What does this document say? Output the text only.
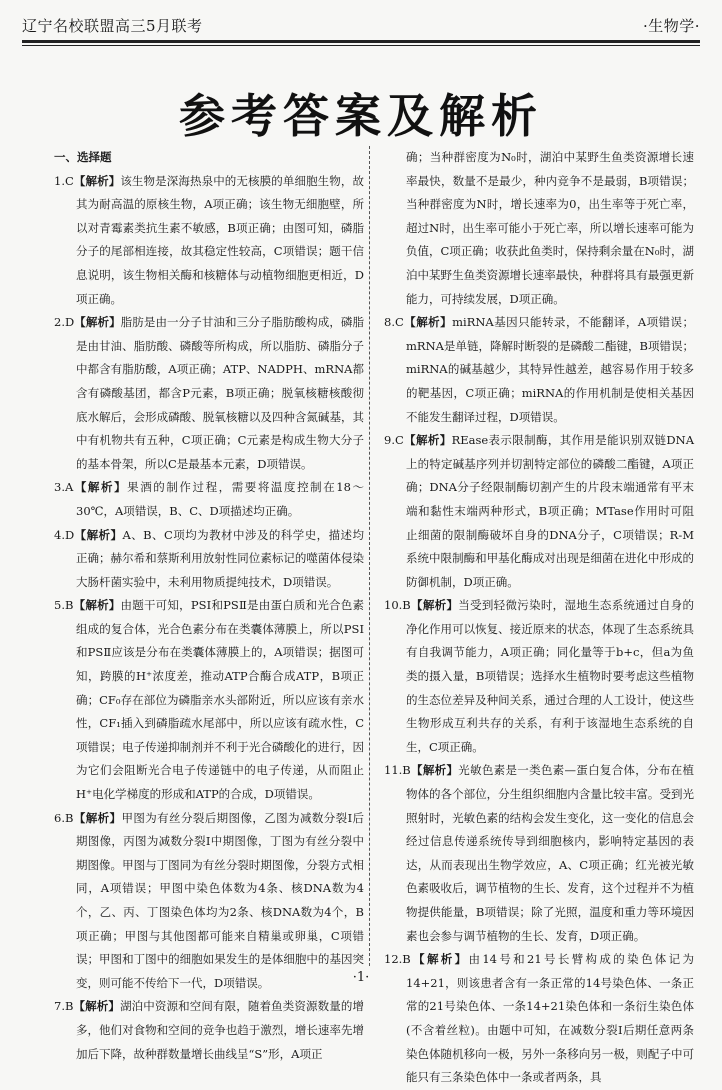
辽宁名校联盟高三5月联考	·生物学·
参考答案及解析

一、选择题

1.C【解析】该生物是深海热泉中的无核膜的单细胞生物，故其为耐高温的原核生物，A项正确；该生物无细胞壁，所以对青霉素类抗生素不敏感，B项正确；由图可知，磷脂分子的尾部相连接，故其稳定性较高，C项错误；题干信息说明，该生物相关酶和核糖体与动植物细胞更相近，D项正确。

2.D【解析】脂肪是由一分子甘油和三分子脂肪酸构成，磷脂是由甘油、脂肪酸、磷酸等所构成，所以脂肪、磷脂分子中都含有脂肪酸，A项正确；ATP、NADPH、mRNA都含有磷酸基团，都含P元素，B项正确；脱氧核糖核酸彻底水解后，会形成磷酸、脱氧核糖以及四种含氮碱基，其中有机物共有五种，C项正确；C元素是构成生物大分子的基本骨架，所以C是最基本元素，D项错误。

3.A【解析】果酒的制作过程，需要将温度控制在18～30℃，A项错误，B、C、D项描述均正确。

4.D【解析】A、B、C项均为教材中涉及的科学史，描述均正确；赫尔希和蔡斯利用放射性同位素标记的噬菌体侵染大肠杆菌实验中，未利用物质提纯技术，D项错误。

5.B【解析】由题干可知，PSⅠ和PSⅡ是由蛋白质和光合色素组成的复合体，光合色素分布在类囊体薄膜上，所以PSⅠ和PSⅡ应该是分布在类囊体薄膜上的，A项错误；据图可知，跨膜的H⁺浓度差，推动ATP合酶合成ATP，B项正确；CF₀存在部位为磷脂亲水头部附近，所以应该有亲水性，CF₁插入到磷脂疏水尾部中，所以应该有疏水性，C项错误；电子传递抑制剂并不利于光合磷酸化的进行，因为它们会阻断光合电子传递链中的电子传递，从而阻止H⁺电化学梯度的形成和ATP的合成，D项错误。

6.B【解析】甲图为有丝分裂后期图像，乙图为减数分裂Ⅰ后期图像，丙图为减数分裂Ⅰ中期图像，丁图为有丝分裂中期图像。甲图与丁图同为有丝分裂时期图像，分裂方式相同，A项错误；甲图中染色体数为4条、核DNA数为4个，乙、丙、丁图染色体均为2条、核DNA数为4个，B项正确；甲图与其他图都可能来自精巢或卵巢，C项错误；甲图和丁图中的细胞如果发生的是体细胞中的基因突变，则可能不传给下一代，D项错误。

7.B【解析】湖泊中资源和空间有限，随着鱼类资源数量的增多，他们对食物和空间的竞争也趋于激烈，增长速率先增加后下降，故种群数量增长曲线呈“S”形，A项正

确；当种群密度为N₀时，湖泊中某野生鱼类资源增长速率最快，数量不是最少，种内竞争不是最弱，B项错误；当种群密度为N时，增长速率为0，出生率等于死亡率，超过N时，出生率可能小于死亡率，所以增长速率可能为负值，C项正确；收获此鱼类时，保持剩余量在N₀时，湖泊中某野生鱼类资源增长速率最快，种群将具有最强更新能力，可持续发展，D项正确。

8.C【解析】miRNA基因只能转录，不能翻译，A项错误；mRNA是单链，降解时断裂的是磷酸二酯键，B项错误；miRNA的碱基越少，其特异性越差，越容易作用于较多的靶基因，C项正确；miRNA的作用机制是使相关基因不能发生翻译过程，D项错误。

9.C【解析】REase表示限制酶，其作用是能识别双链DNA上的特定碱基序列并切割特定部位的磷酸二酯键，A项正确；DNA分子经限制酶切割产生的片段末端通常有平末端和黏性末端两种形式，B项正确；MTase作用时可阻止细菌的限制酶破坏自身的DNA分子，C项错误；R-M系统中限制酶和甲基化酶成对出现是细菌在进化中形成的防御机制，D项正确。

10.B【解析】当受到轻微污染时，湿地生态系统通过自身的净化作用可以恢复、接近原来的状态，体现了生态系统具有自我调节能力，A项正确；同化量等于b+c，但a为鱼类的摄入量，B项错误；选择水生植物时要考虑这些植物的生态位差异及种间关系，通过合理的人工设计，使这些生物形成互利共存的关系，有利于该湿地生态系统的自生，C项正确。

11.B【解析】光敏色素是一类色素—蛋白复合体，分布在植物体的各个部位，分生组织细胞内含量比较丰富。受到光照射时，光敏色素的结构会发生变化，这一变化的信息会经过信息传递系统传导到细胞核内，影响特定基因的表达，从而表现出生物学效应，A、C项正确；红光被光敏色素吸收后，调节植物的生长、发育，这个过程并不为植物提供能量，B项错误；除了光照，温度和重力等环境因素也会参与调节植物的生长、发育，D项正确。

12.B【解析】由14号和21号长臂构成的染色体记为14+21，则该患者含有一条正常的14号染色体、一条正常的21号染色体、一条14+21染色体和一条衍生染色体(不含着丝粒)。由题中可知，在减数分裂Ⅰ后期任意两条染色体随机移向一极，另外一条移向另一极，则配子中可能只有三条染色体中一条或者两条，具

·1·
